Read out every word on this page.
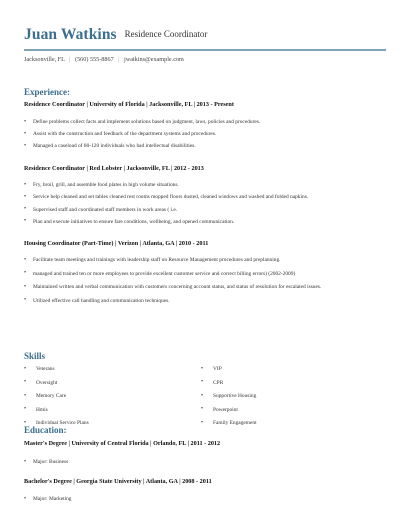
Juan Watkins Residence Coordinator
Jacksonville, FL | (560) 555-8867 | jwatkins@example.com
Experience:
Residence Coordinator | University of Florida | Jacksonville, FL | 2013 - Present
• Define problems collect facts and implement solutions based on judgment, laws, policies and procedures.
• Assist with the construction and feedback of the department systems and procedures.
• Managed a caseload of 80-120 individuals who had intellectual disabilities.
Residence Coordinator | Red Lobster | Jacksonville, FL | 2012 - 2013
• Fry, broil, grill, and assemble food plates in high volume situations.
• Service help cleaned and set tables cleaned rest rooms mopped floors dusted, cleaned windows and washed and folded napkins.
• Supervised staff and coordinated staff members in work areas ( i.e.
• Plan and execute initiatives to ensure fare conditions, wellbeing, and opened communication.
Housing Coordinator (Part-Time) | Verizon | Atlanta, GA | 2010 - 2011
• Facilitate team meetings and trainings with leadership staff on Resource Management procedures and preplanning.
• managed and trained ten or more employees to provide excellent customer service and correct billing errors) (2002-2009)
• Maintained written and verbal communication with customers concerning account status, and status of resolution for escalated issues.
• Utilized effective call handling and communication techniques.
Skills
• Veterans
• Oversight
• Memory Care
• Hmis
• Individual Service Plans
• VIP
• CPR
• Supportive Housing
• Powerpoint
• Family Engagement
Education:
Master's Degree | University of Central Florida | Orlando, FL | 2011 - 2012
• Major: Business
Bachelor's Degree | Georgia State University | Atlanta, GA | 2008 - 2011
• Major: Marketing
